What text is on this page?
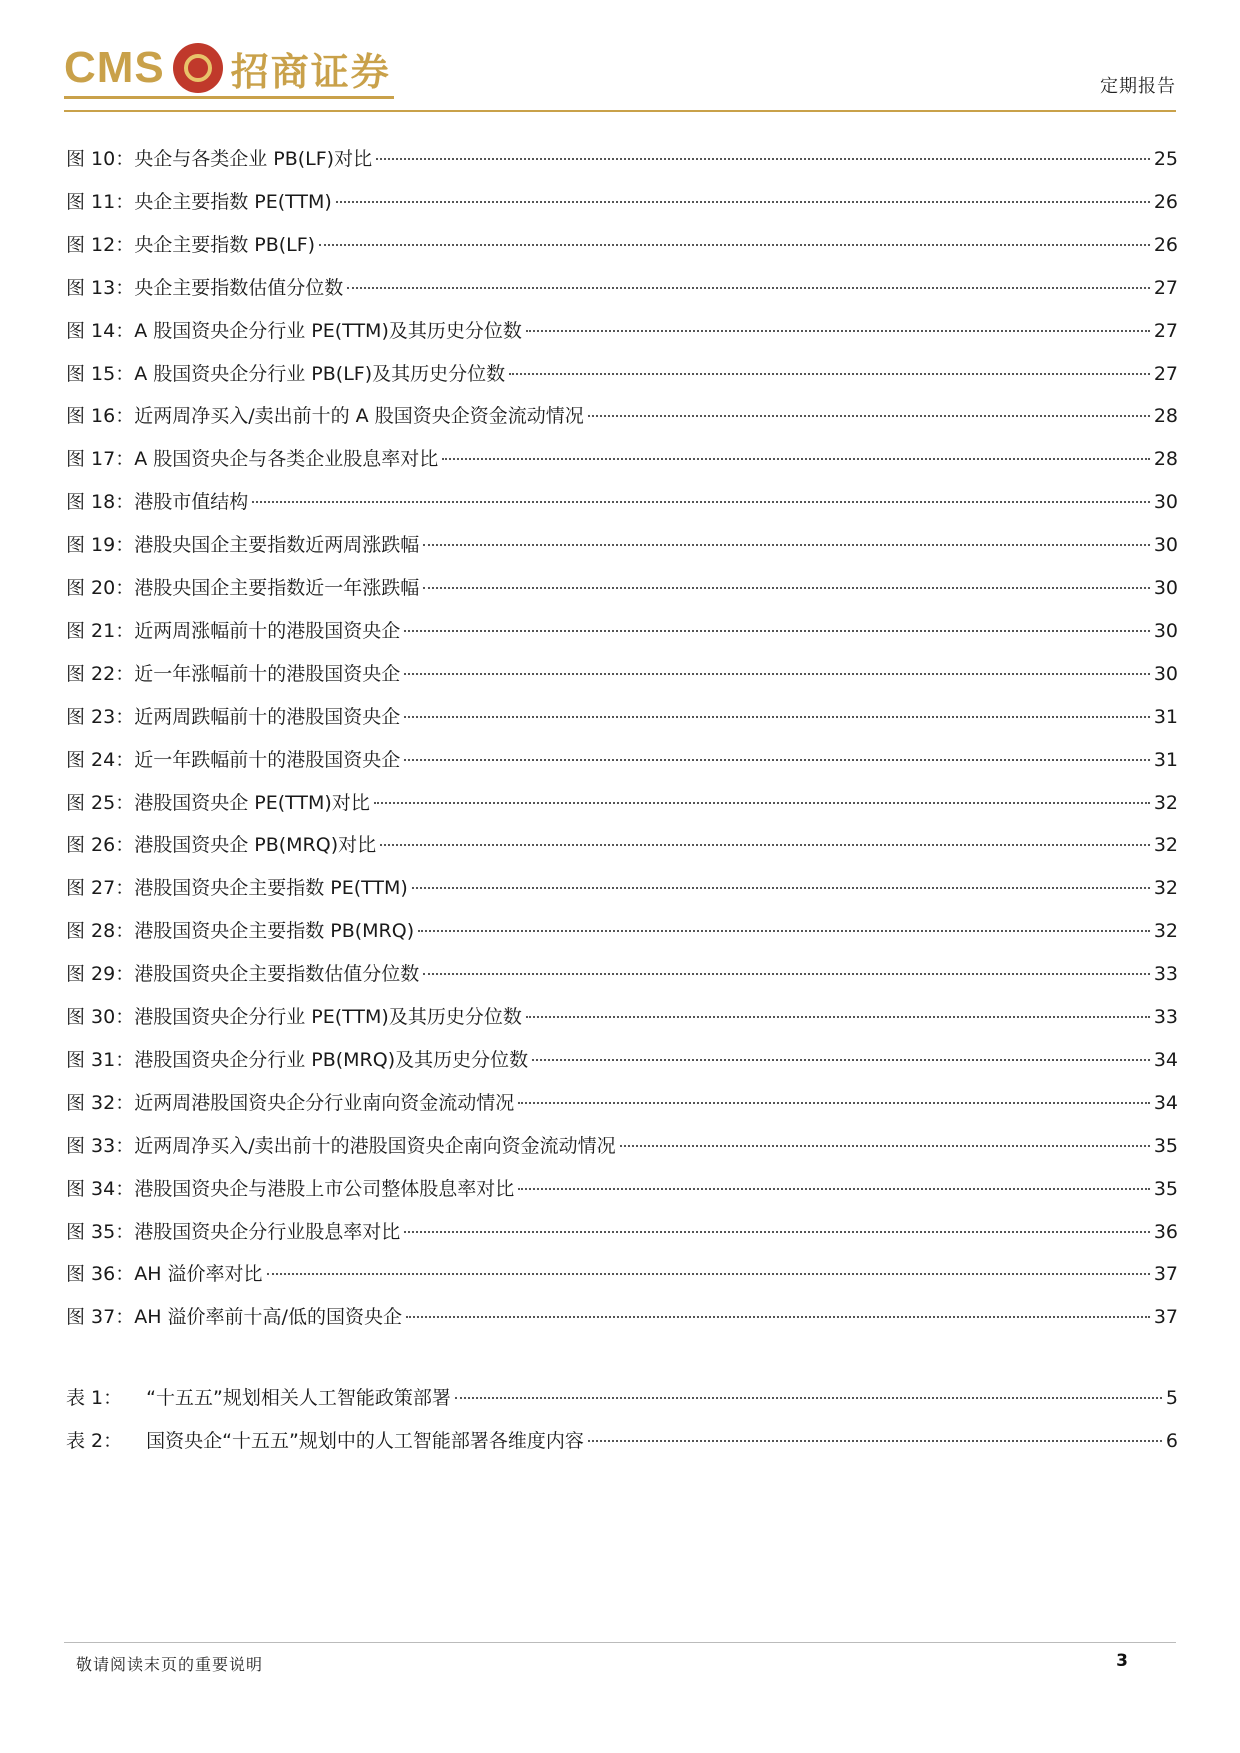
CMS 招商证券	定期报告
图 10：央企与各类企业 PB(LF)对比	25
图 11：央企主要指数 PE(TTM)	26
图 12：央企主要指数 PB(LF)	26
图 13：央企主要指数估值分位数	27
图 14：A 股国资央企分行业 PE(TTM)及其历史分位数	27
图 15：A 股国资央企分行业 PB(LF)及其历史分位数	27
图 16：近两周净买入/卖出前十的 A 股国资央企资金流动情况	28
图 17：A 股国资央企与各类企业股息率对比	28
图 18：港股市值结构	30
图 19：港股央国企主要指数近两周涨跌幅	30
图 20：港股央国企主要指数近一年涨跌幅	30
图 21：近两周涨幅前十的港股国资央企	30
图 22：近一年涨幅前十的港股国资央企	30
图 23：近两周跌幅前十的港股国资央企	31
图 24：近一年跌幅前十的港股国资央企	31
图 25：港股国资央企 PE(TTM)对比	32
图 26：港股国资央企 PB(MRQ)对比	32
图 27：港股国资央企主要指数 PE(TTM)	32
图 28：港股国资央企主要指数 PB(MRQ)	32
图 29：港股国资央企主要指数估值分位数	33
图 30：港股国资央企分行业 PE(TTM)及其历史分位数	33
图 31：港股国资央企分行业 PB(MRQ)及其历史分位数	34
图 32：近两周港股国资央企分行业南向资金流动情况	34
图 33：近两周净买入/卖出前十的港股国资央企南向资金流动情况	35
图 34：港股国资央企与港股上市公司整体股息率对比	35
图 35：港股国资央企分行业股息率对比	36
图 36：AH 溢价率对比	37
图 37：AH 溢价率前十高/低的国资央企	37
表 1： “十五五”规划相关人工智能政策部署	5
表 2： 国资央企“十五五”规划中的人工智能部署各维度内容	6
敬请阅读末页的重要说明	3
